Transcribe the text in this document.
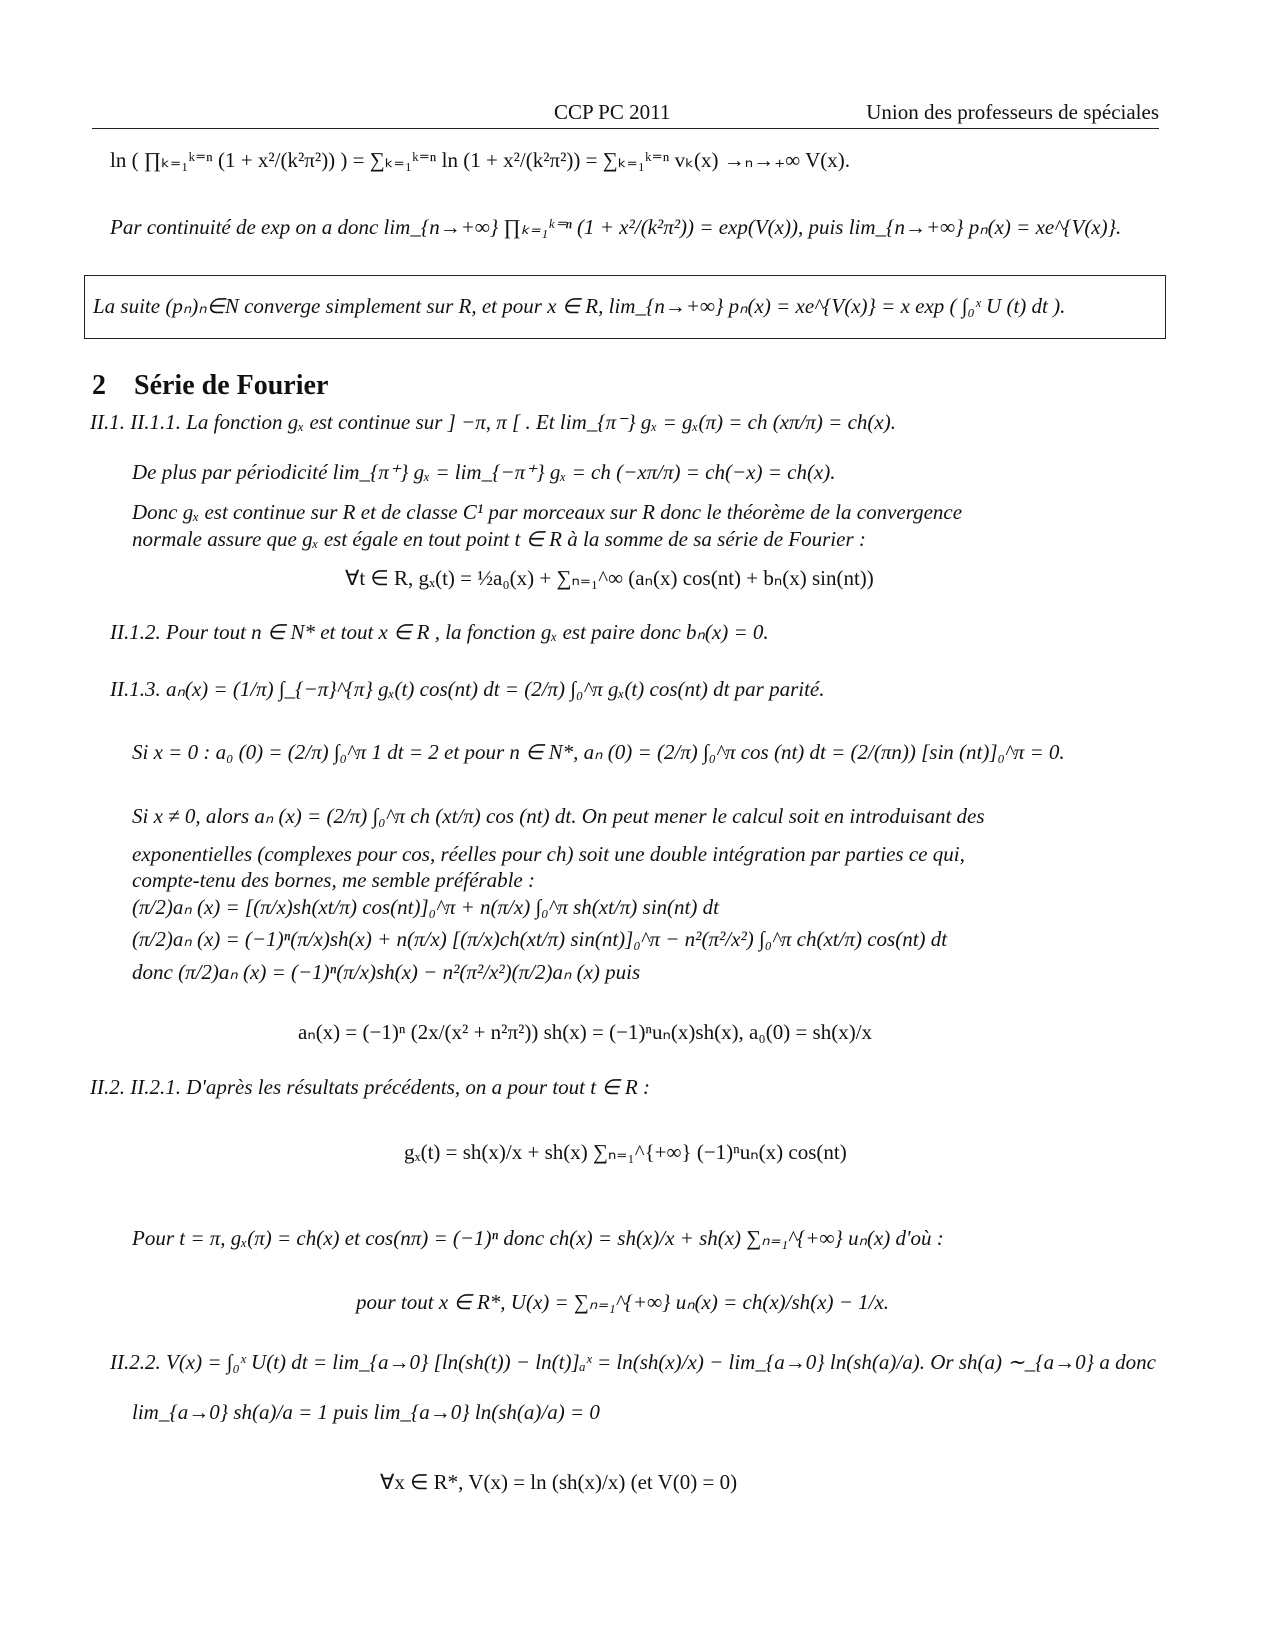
CCP PC 2011	Union des professeurs de spéciales
ln ( ∏ₖ₌₁ᵏ⁼ⁿ (1 + x²/(k²π²)) ) = ∑ₖ₌₁ᵏ⁼ⁿ ln (1 + x²/(k²π²)) = ∑ₖ₌₁ᵏ⁼ⁿ vₖ(x) →ₙ→₊∞ V(x).
Par continuité de exp on a donc lim_{n→+∞} ∏ₖ₌₁ᵏ⁼ⁿ (1 + x²/(k²π²)) = exp(V(x)), puis lim_{n→+∞} pₙ(x) = xe^{V(x)}.
La suite (pₙ)ₙ∈N converge simplement sur R, et pour x ∈ R, lim_{n→+∞} pₙ(x) = xe^{V(x)} = x exp ( ∫₀ˣ U (t) dt ).
2 Série de Fourier
II.1. II.1.1. La fonction gₓ est continue sur ] −π, π [ . Et lim_{π⁻} gₓ = gₓ(π) = ch (xπ/π) = ch(x).
De plus par périodicité lim_{π⁺} gₓ = lim_{−π⁺} gₓ = ch (−xπ/π) = ch(−x) = ch(x).
Donc gₓ est continue sur R et de classe C¹ par morceaux sur R donc le théorème de la convergence
normale assure que gₓ est égale en tout point t ∈ R à la somme de sa série de Fourier :
∀t ∈ R, gₓ(t) = ½a₀(x) + ∑ₙ₌₁^∞ (aₙ(x) cos(nt) + bₙ(x) sin(nt))
II.1.2. Pour tout n ∈ N* et tout x ∈ R , la fonction gₓ est paire donc bₙ(x) = 0.
II.1.3. aₙ(x) = (1/π) ∫_{−π}^{π} gₓ(t) cos(nt) dt = (2/π) ∫₀^π gₓ(t) cos(nt) dt par parité.
Si x = 0 : a₀ (0) = (2/π) ∫₀^π 1 dt = 2 et pour n ∈ N*, aₙ (0) = (2/π) ∫₀^π cos (nt) dt = (2/(πn)) [sin (nt)]₀^π = 0.
Si x ≠ 0, alors aₙ (x) = (2/π) ∫₀^π ch (xt/π) cos (nt) dt. On peut mener le calcul soit en introduisant des
exponentielles (complexes pour cos, réelles pour ch) soit une double intégration par parties ce qui,
compte-tenu des bornes, me semble préférable :
(π/2)aₙ (x) = [(π/x)sh(xt/π) cos(nt)]₀^π + n(π/x) ∫₀^π sh(xt/π) sin(nt) dt
(π/2)aₙ (x) = (−1)ⁿ(π/x)sh(x) + n(π/x) [(π/x)ch(xt/π) sin(nt)]₀^π − n²(π²/x²) ∫₀^π ch(xt/π) cos(nt) dt
donc (π/2)aₙ (x) = (−1)ⁿ(π/x)sh(x) − n²(π²/x²)(π/2)aₙ (x) puis
aₙ(x) = (−1)ⁿ (2x/(x² + n²π²)) sh(x) = (−1)ⁿuₙ(x)sh(x), a₀(0) = sh(x)/x
II.2. II.2.1. D'après les résultats précédents, on a pour tout t ∈ R :
gₓ(t) = sh(x)/x + sh(x) ∑ₙ₌₁^{+∞} (−1)ⁿuₙ(x) cos(nt)
Pour t = π, gₓ(π) = ch(x) et cos(nπ) = (−1)ⁿ donc ch(x) = sh(x)/x + sh(x) ∑ₙ₌₁^{+∞} uₙ(x) d'où :
pour tout x ∈ R*, U(x) = ∑ₙ₌₁^{+∞} uₙ(x) = ch(x)/sh(x) − 1/x.
II.2.2. V(x) = ∫₀ˣ U(t) dt = lim_{a→0} [ln(sh(t)) − ln(t)]ₐˣ = ln(sh(x)/x) − lim_{a→0} ln(sh(a)/a). Or sh(a) ∼_{a→0} a donc
lim_{a→0} sh(a)/a = 1 puis lim_{a→0} ln(sh(a)/a) = 0
∀x ∈ R*, V(x) = ln (sh(x)/x) (et V(0) = 0)
